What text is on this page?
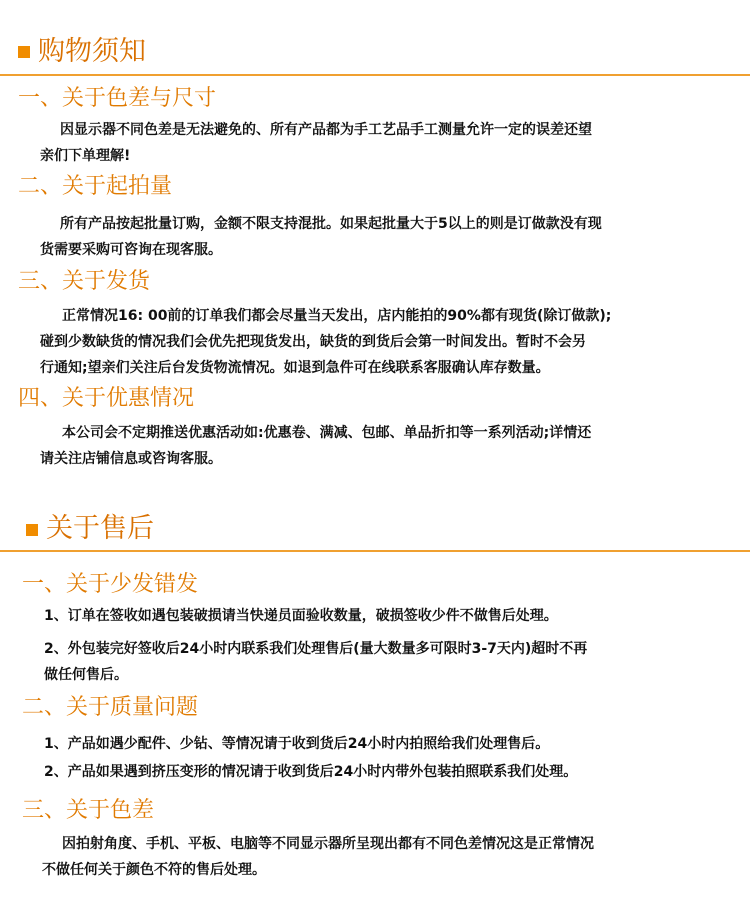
购物须知
一、关于色差与尺寸
因显示器不同色差是无法避免的、所有产品都为手工艺品手工测量允许一定的误差还望
亲们下单理解!
二、关于起拍量
所有产品按起批量订购，金额不限支持混批。如果起批量大于5以上的则是订做款没有现
货需要采购可咨询在现客服。
三、关于发货
正常情况16: 00前的订单我们都会尽量当天发出，店内能拍的90%都有现货(除订做款);
碰到少数缺货的情况我们会优先把现货发出，缺货的到货后会第一时间发出。暂时不会另
行通知;望亲们关注后台发货物流情况。如退到急件可在线联系客服确认库存数量。
四、关于优惠情况
本公司会不定期推送优惠活动如:优惠卷、满减、包邮、单品折扣等一系列活动;详情还
请关注店铺信息或咨询客服。
关于售后
一、关于少发错发
1、订单在签收如遇包装破损请当快递员面验收数量，破损签收少件不做售后处理。
2、外包装完好签收后24小时内联系我们处理售后(量大数量多可限时3-7天内)超时不再
做任何售后。
二、关于质量问题
1、产品如遇少配件、少钻、等情况请于收到货后24小时内拍照给我们处理售后。
2、产品如果遇到挤压变形的情况请于收到货后24小时内带外包装拍照联系我们处理。
三、关于色差
因拍射角度、手机、平板、电脑等不同显示器所呈现出都有不同色差情况这是正常情况
不做任何关于颜色不符的售后处理。
